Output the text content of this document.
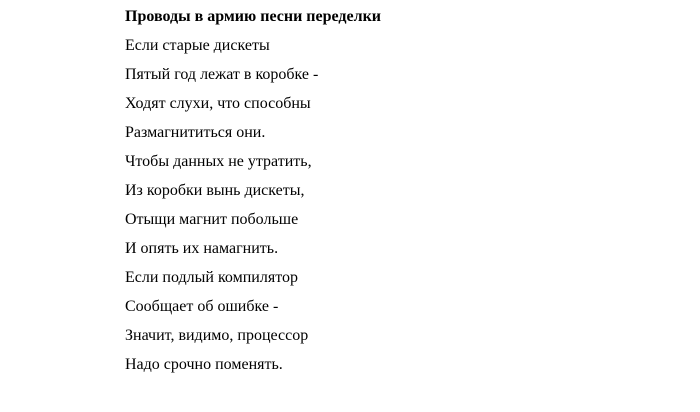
Проводы в армию песни переделки

Если старые дискеты

Пятый год лежат в коробке -

Ходят слухи, что способны

Размагнититься они.

Чтобы данных не утратить,

Из коробки вынь дискеты,

Отыщи магнит побольше

И опять их намагнить.

Если подлый компилятор

Сообщает об ошибке -

Значит, видимо, процессор

Надо срочно поменять.
